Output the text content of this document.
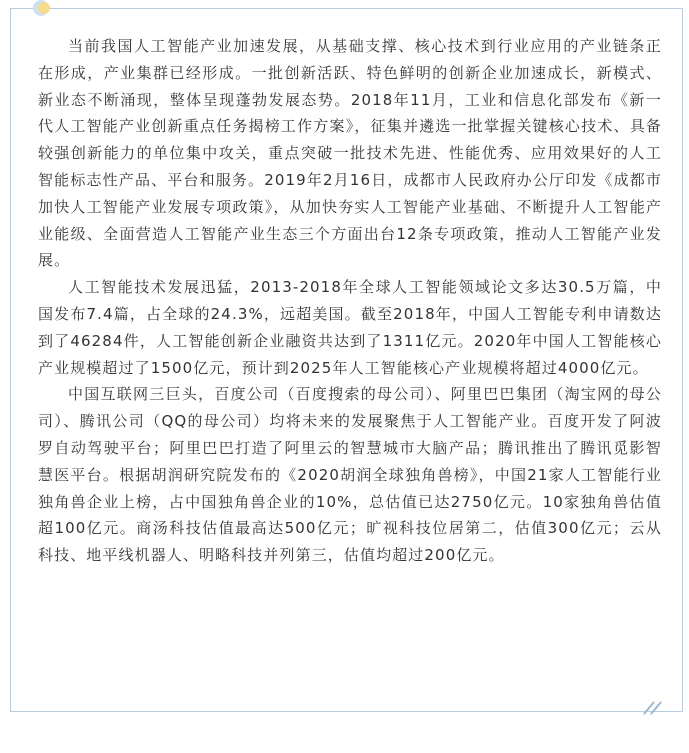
当前我国人工智能产业加速发展，从基础支撑、核心技术到行业应用的产业链条正在形成，产业集群已经形成。一批创新活跃、特色鲜明的创新企业加速成长，新模式、新业态不断涌现，整体呈现蓬勃发展态势。2018年11月，工业和信息化部发布《新一代人工智能产业创新重点任务揭榜工作方案》，征集并遴选一批掌握关键核心技术、具备较强创新能力的单位集中攻关，重点突破一批技术先进、性能优秀、应用效果好的人工智能标志性产品、平台和服务。2019年2月16日，成都市人民政府办公厅印发《成都市加快人工智能产业发展专项政策》，从加快夯实人工智能产业基础、不断提升人工智能产业能级、全面营造人工智能产业生态三个方面出台12条专项政策，推动人工智能产业发展。

人工智能技术发展迅猛，2013-2018年全球人工智能领域论文多达30.5万篇，中国发布7.4篇，占全球的24.3%，远超美国。截至2018年，中国人工智能专利申请数达到了46284件，人工智能创新企业融资共达到了1311亿元。2020年中国人工智能核心产业规模超过了1500亿元，预计到2025年人工智能核心产业规模将超过4000亿元。

中国互联网三巨头，百度公司（百度搜索的母公司）、阿里巴巴集团（淘宝网的母公司）、腾讯公司（QQ的母公司）均将未来的发展聚焦于人工智能产业。百度开发了阿波罗自动驾驶平台；阿里巴巴打造了阿里云的智慧城市大脑产品；腾讯推出了腾讯觅影智慧医平台。根据胡润研究院发布的《2020胡润全球独角兽榜》，中国21家人工智能行业独角兽企业上榜，占中国独角兽企业的10%，总估值已达2750亿元。10家独角兽估值超100亿元。商汤科技估值最高达500亿元；旷视科技位居第二，估值300亿元；云从科技、地平线机器人、明略科技并列第三，估值均超过200亿元。
